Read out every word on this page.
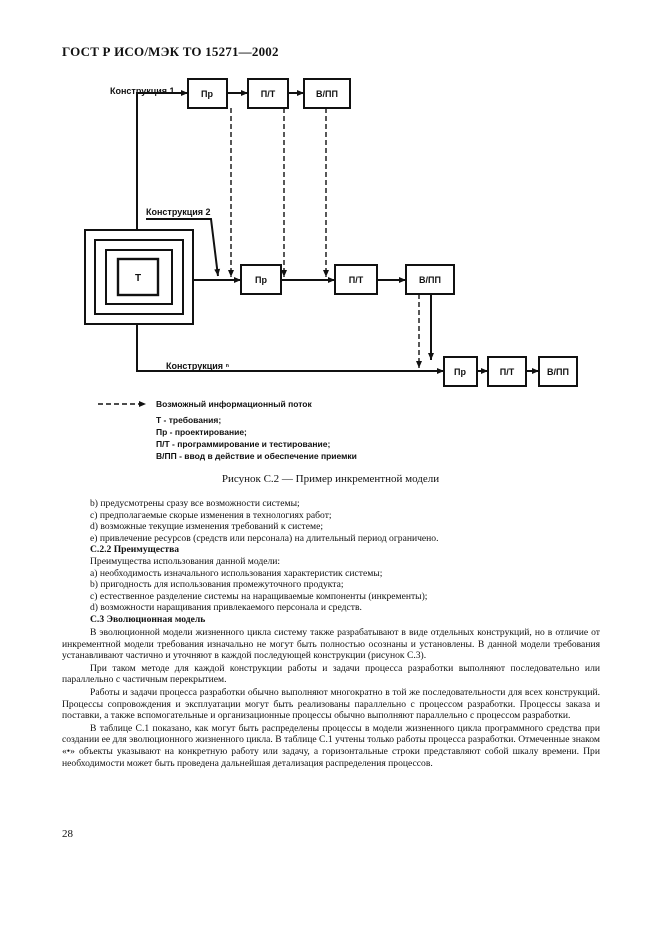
ГОСТ Р ИСО/МЭК ТО 15271—2002
Конструкция 1
Конструкция 2
Конструкция ⁿ
Т
Пр	П/Т	В/ПП
Пр	П/Т	В/ПП
Пр	П/Т	В/ПП
Возможный информационный поток
Т - требования;
Пр - проектирование;
П/Т - программирование и тестирование;
В/ПП - ввод в действие и обеспечение приемки
Рисунок С.2 — Пример инкрементной модели

b) предусмотрены сразу все возможности системы;

c) предполагаемые скорые изменения в технологиях работ;

d) возможные текущие изменения требований к системе;

e) привлечение ресурсов (средств или персонала) на длительный период ограничено.

С.2.2 Преимущества

Преимущества использования данной модели:

a) необходимость изначального использования характеристик системы;

b) пригодность для использования промежуточного продукта;

c) естественное разделение системы на наращиваемые компоненты (инкременты);

d) возможности наращивания привлекаемого персонала и средств.

С.3 Эволюционная модель

В эволюционной модели жизненного цикла систему также разрабатывают в виде отдельных конструкций, но в отличие от инкрементной модели требования изначально не могут быть полностью осознаны и установлены. В данной модели требования устанавливают частично и уточняют в каждой последующей конструкции (рисунок С.3).

При таком методе для каждой конструкции работы и задачи процесса разработки выполняют последовательно или параллельно с частичным перекрытием.

Работы и задачи процесса разработки обычно выполняют многократно в той же последовательности для всех конструкций. Процессы сопровождения и эксплуатации могут быть реализованы параллельно с процессом разработки. Процессы заказа и поставки, а также вспомогательные и организационные процессы обычно выполняют параллельно с процессом разработки.

В таблице С.1 показано, как могут быть распределены процессы в модели жизненного цикла программного средства при создании ее для эволюционного жизненного цикла. В таблице С.1 учтены только работы процесса разработки. Отмеченные знаком «•» объекты указывают на конкретную работу или задачу, а горизонтальные строки представляют собой шкалу времени. При необходимости может быть проведена дальнейшая детализация распределения процессов.

28
